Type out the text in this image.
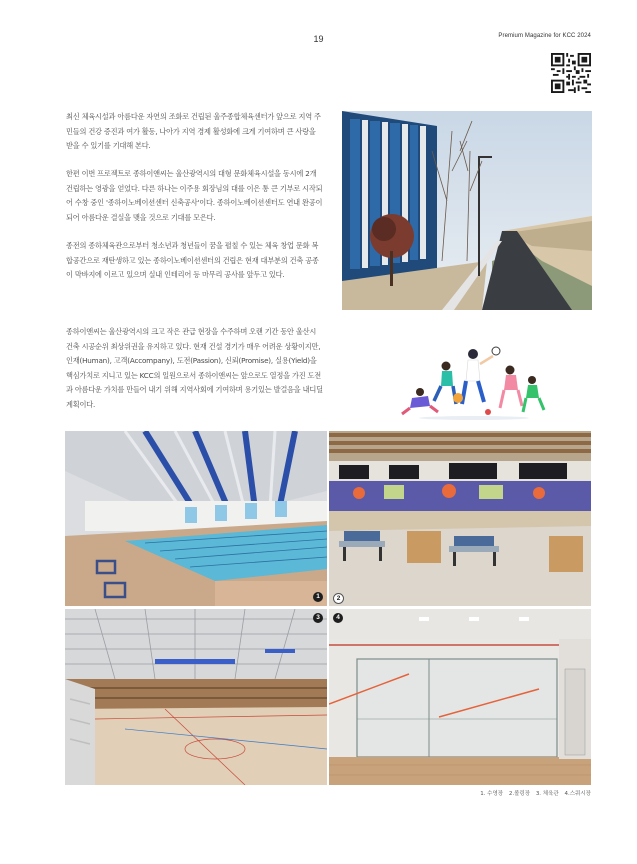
19	Premium Magazine for KCC 2024

최신 체육시설과 아름다운 자연의 조화로 건립된 울주종합체육센터가 앞으로 지역 주민들의 건강 증진과 여가 활동, 나아가 지역 경제 활성화에 크게 기여하며 큰 사랑을 받을 수 있기를 기대해 본다.

한편 이번 프로젝트로 종하이앤씨는 울산광역시의 대형 문화체육시설을 동시에 2개 건립하는 영광을 얻었다. 다른 하나는 이주용 회장님의 대를 이은 통 큰 기부로 시작되어 수창 중인 '종하이노베이션센터 신축공사'이다. 종하이노베이션센터도 연내 완공이 되어 아름다운 결실을 맺을 것으로 기대를 모은다.

종전의 종하체육관으로부터 청소년과 청년들이 꿈을 펼칠 수 있는 체육 창업 문화 복합공간으로 재탄생하고 있는 종하이노베이션센터의 건립은 현재 대부분의 건축 공종이 막바지에 이르고 있으며 실내 인테리어 등 마무리 공사를 앞두고 있다.

종하이앤씨는 울산광역시의 크고 작은 관급 현장을 수주하며 오랜 기간 동안 울산시 건축 시공순위 최상위권을 유지하고 있다. 현재 건설 경기가 매우 어려운 상황이지만, 인재(Human), 고객(Accompany), 도전(Passion), 신뢰(Promise), 실용(Yield)을 핵심가치로 지니고 있는 KCC의 일원으로서 종하이앤씨는 앞으로도 열정을 가진 도전과 아름다운 가치를 만들어 내기 위해 지역사회에 기여하며 용기있는 발걸음을 내디딜 계획이다.

1	2
3	4
1. 수영장 2.볼링장 3. 체육관 4.스쿼시장
